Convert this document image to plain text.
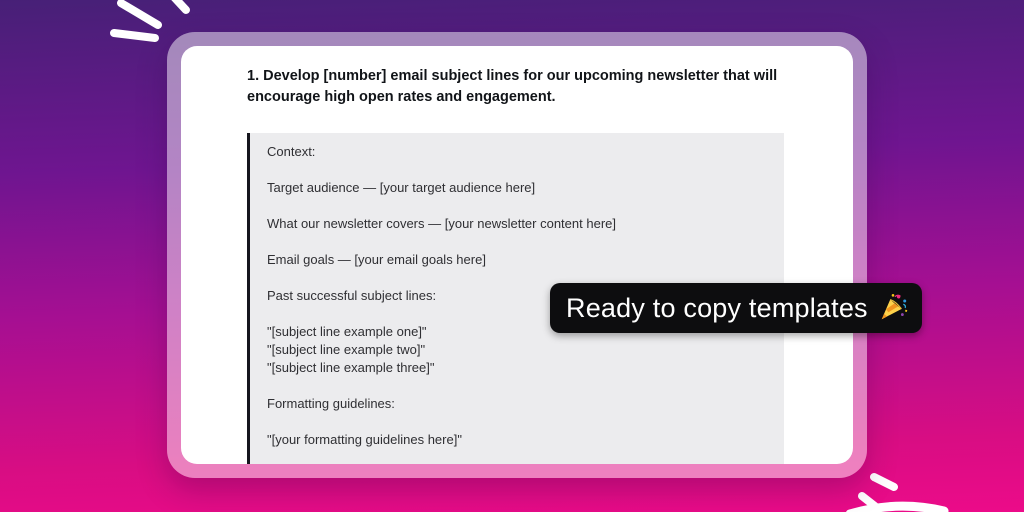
1. Develop [number] email subject lines for our upcoming newsletter that will encourage high open rates and engagement.

Context:

Target audience — [your target audience here]

What our newsletter covers — [your newsletter content here]

Email goals — [your email goals here]

Past successful subject lines:

"[subject line example one]"
"[subject line example two]"
"[subject line example three]"

Formatting guidelines:

"[your formatting guidelines here]"

Ready to copy templates
